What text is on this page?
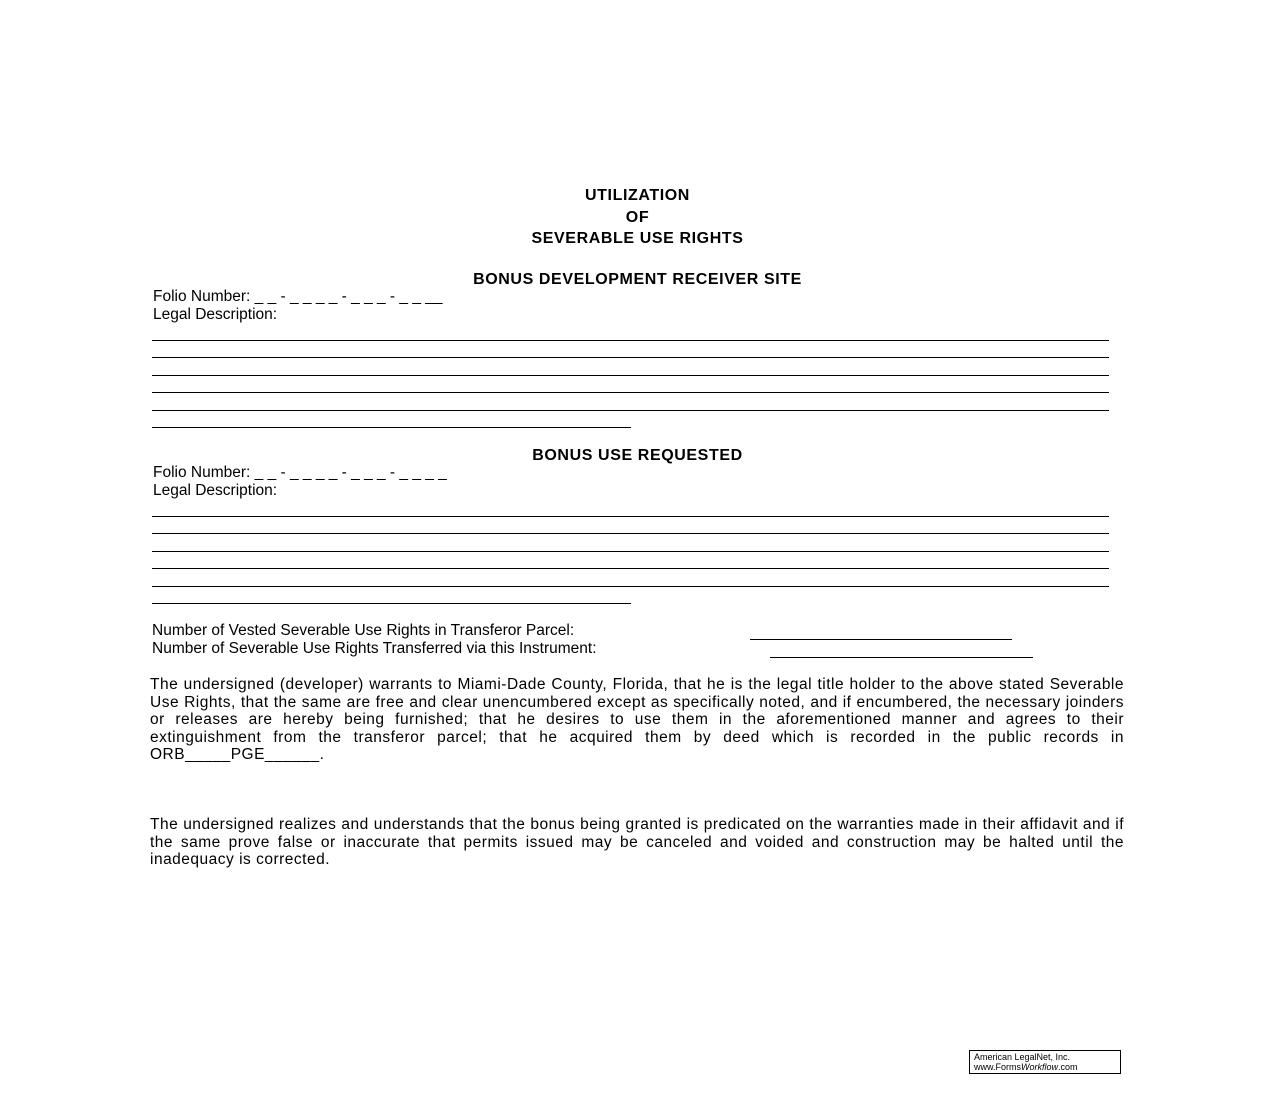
UTILIZATION
OF
SEVERABLE USE RIGHTS
BONUS DEVELOPMENT RECEIVER SITE
Folio Number: _ _ - _ _ _ _ - _ _ _ - _ _ __
Legal Description:
BONUS USE REQUESTED
Folio Number: _ _ - _ _ _ _ - _ _ _ - _ _ _ _
Legal Description:
Number of Vested Severable Use Rights in Transferor Parcel:
Number of Severable Use Rights Transferred via this Instrument:
The undersigned (developer) warrants to Miami-Dade County, Florida, that he is the legal title holder to the above stated Severable Use Rights, that the same are free and clear unencumbered except as specifically noted, and if encumbered, the necessary joinders or releases are hereby being furnished; that he desires to use them in the aforementioned manner and agrees to their extinguishment from the transferor parcel; that he acquired them by deed which is recorded in the public records in ORB_____PGE______.
The undersigned realizes and understands that the bonus being granted is predicated on the warranties made in their affidavit and if the same prove false or inaccurate that permits issued may be canceled and voided and construction may be halted until the inadequacy is corrected.
American LegalNet, Inc.
www.FormsWorkflow.com
